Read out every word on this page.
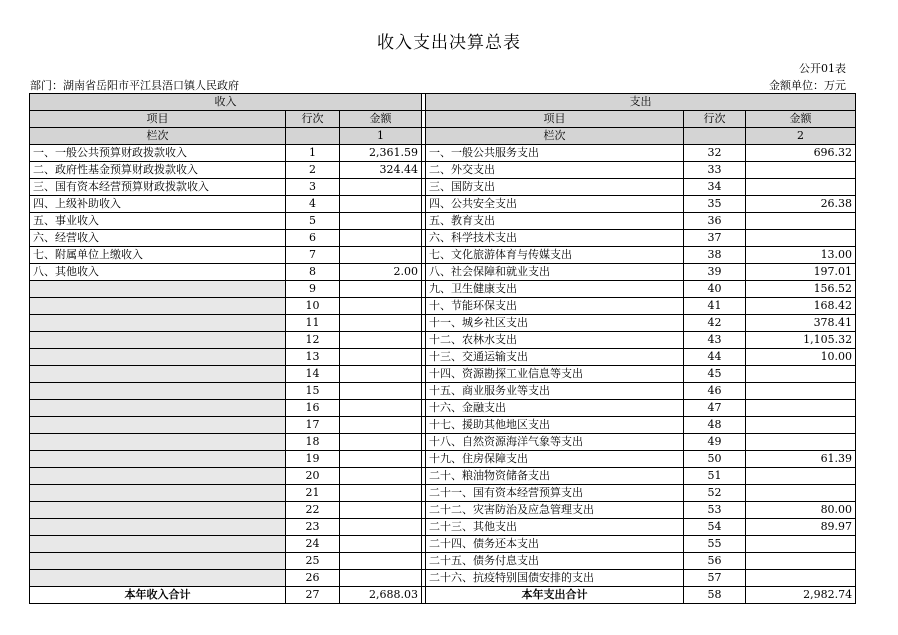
收入支出决算总表
公开01表
部门：湖南省岳阳市平江县浯口镇人民政府	金额单位：万元
收入				支出		
项目	行次	金额		项目	行次	金额
栏次		1		栏次		2
一、一般公共预算财政拨款收入	1	2,361.59		一、一般公共服务支出	32	696.32
二、政府性基金预算财政拨款收入	2	324.44		二、外交支出	33	
三、国有资本经营预算财政拨款收入	3			三、国防支出	34	
四、上级补助收入	4			四、公共安全支出	35	26.38
五、事业收入	5			五、教育支出	36	
六、经营收入	6			六、科学技术支出	37	
七、附属单位上缴收入	7			七、文化旅游体育与传媒支出	38	13.00
八、其他收入	8	2.00		八、社会保障和就业支出	39	197.01
	9			九、卫生健康支出	40	156.52
	10			十、节能环保支出	41	168.42
	11			十一、城乡社区支出	42	378.41
	12			十二、农林水支出	43	1,105.32
	13			十三、交通运输支出	44	10.00
	14			十四、资源勘探工业信息等支出	45	
	15			十五、商业服务业等支出	46	
	16			十六、金融支出	47	
	17			十七、援助其他地区支出	48	
	18			十八、自然资源海洋气象等支出	49	
	19			十九、住房保障支出	50	61.39
	20			二十、粮油物资储备支出	51	
	21			二十一、国有资本经营预算支出	52	
	22			二十二、灾害防治及应急管理支出	53	80.00
	23			二十三、其他支出	54	89.97
	24			二十四、债务还本支出	55	
	25			二十五、债务付息支出	56	
	26			二十六、抗疫特别国债安排的支出	57	
本年收入合计	27	2,688.03		本年支出合计	58	2,982.74
